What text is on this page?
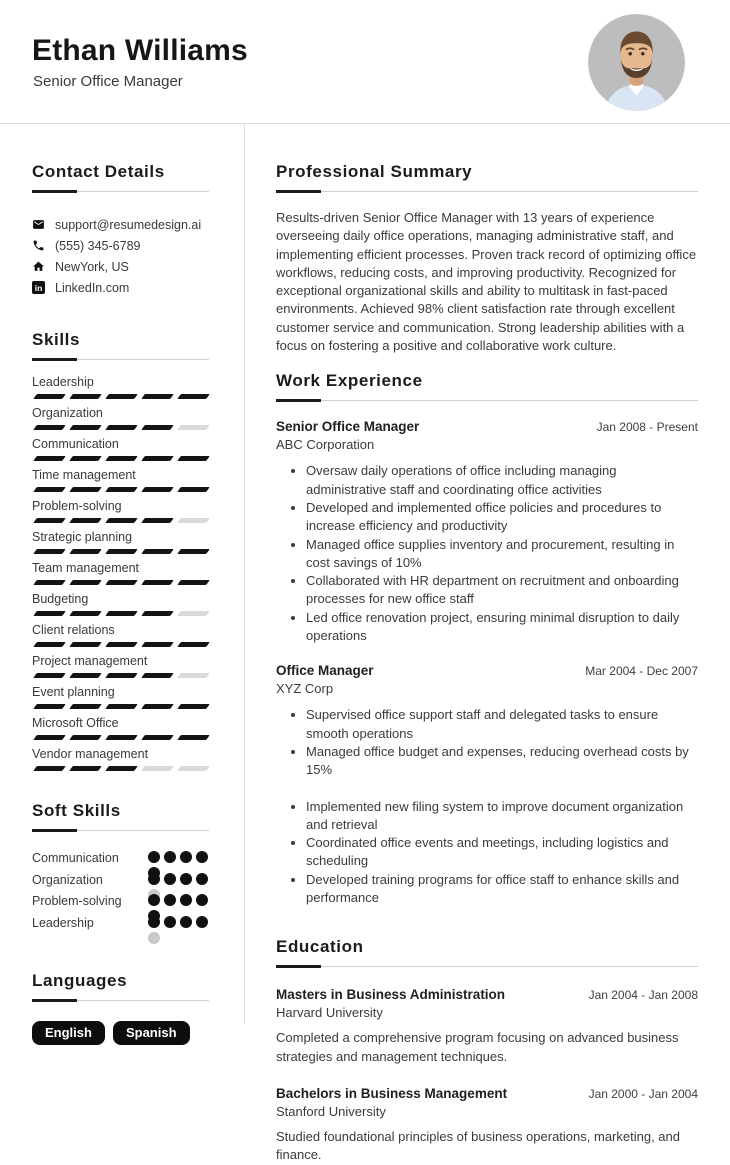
Ethan Williams
Senior Office Manager
Contact Details
support@resumedesign.ai
(555) 345-6789
NewYork, US
in LinkedIn.com
Skills
Leadership
Organization
Communication
Time management
Problem-solving
Strategic planning
Team management
Budgeting
Client relations
Project management
Event planning
Microsoft Office
Vendor management
Soft Skills
Communication
Organization
Problem-solving
Leadership
Languages
English	Spanish
Professional Summary

Results-driven Senior Office Manager with 13 years of experience overseeing daily office operations, managing administrative staff, and implementing efficient processes. Proven track record of optimizing office workflows, reducing costs, and improving productivity. Recognized for exceptional organizational skills and ability to multitask in fast-paced environments. Achieved 98% client satisfaction rate through excellent customer service and communication. Strong leadership abilities with a focus on fostering a positive and collaborative work culture.

Work Experience
Senior Office Manager	Jan 2008 - Present
ABC Corporation
• Oversaw daily operations of office including managing administrative staff and coordinating office activities
• Developed and implemented office policies and procedures to increase efficiency and productivity
• Managed office supplies inventory and procurement, resulting in cost savings of 10%
• Collaborated with HR department on recruitment and onboarding processes for new office staff
• Led office renovation project, ensuring minimal disruption to daily operations
Office Manager	Mar 2004 - Dec 2007
XYZ Corp
• Supervised office support staff and delegated tasks to ensure smooth operations
• Managed office budget and expenses, reducing overhead costs by 15%
• Implemented new filing system to improve document organization and retrieval
• Coordinated office events and meetings, including logistics and scheduling
• Developed training programs for office staff to enhance skills and performance
Education
Masters in Business Administration	Jan 2004 - Jan 2008
Harvard University

Completed a comprehensive program focusing on advanced business strategies and management techniques.

Bachelors in Business Management	Jan 2000 - Jan 2004
Stanford University

Studied foundational principles of business operations, marketing, and finance.
